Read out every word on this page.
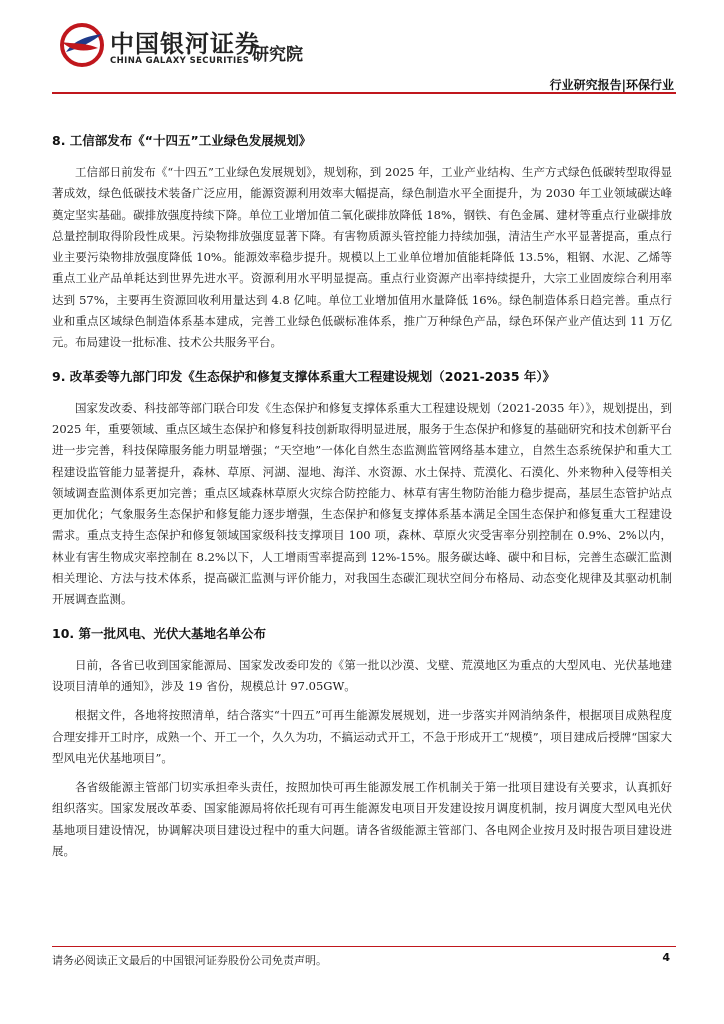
中国银河证券
CHINA GALAXY SECURITIES 研究院
行业研究报告|环保行业
8. 工信部发布《“十四五”工业绿色发展规划》

工信部日前发布《“十四五”工业绿色发展规划》，规划称，到 2025 年，工业产业结构、生产方式绿色低碳转型取得显著成效，绿色低碳技术装备广泛应用，能源资源利用效率大幅提高，绿色制造水平全面提升，为 2030 年工业领域碳达峰奠定坚实基础。碳排放强度持续下降。单位工业增加值二氧化碳排放降低 18%，钢铁、有色金属、建材等重点行业碳排放总量控制取得阶段性成果。污染物排放强度显著下降。有害物质源头管控能力持续加强，清洁生产水平显著提高，重点行业主要污染物排放强度降低 10%。能源效率稳步提升。规模以上工业单位增加值能耗降低 13.5%，粗钢、水泥、乙烯等重点工业产品单耗达到世界先进水平。资源利用水平明显提高。重点行业资源产出率持续提升，大宗工业固废综合利用率达到 57%，主要再生资源回收利用量达到 4.8 亿吨。单位工业增加值用水量降低 16%。绿色制造体系日趋完善。重点行业和重点区域绿色制造体系基本建成，完善工业绿色低碳标准体系，推广万种绿色产品，绿色环保产业产值达到 11 万亿元。布局建设一批标准、技术公共服务平台。

9. 改革委等九部门印发《生态保护和修复支撑体系重大工程建设规划（2021-2035 年）》

国家发改委、科技部等部门联合印发《生态保护和修复支撑体系重大工程建设规划（2021-2035 年）》，规划提出，到 2025 年，重要领域、重点区域生态保护和修复科技创新取得明显进展，服务于生态保护和修复的基础研究和技术创新平台进一步完善，科技保障服务能力明显增强；“天空地”一体化自然生态监测监管网络基本建立，自然生态系统保护和重大工程建设监管能力显著提升，森林、草原、河湖、湿地、海洋、水资源、水土保持、荒漠化、石漠化、外来物种入侵等相关领域调查监测体系更加完善；重点区域森林草原火灾综合防控能力、林草有害生物防治能力稳步提高，基层生态管护站点更加优化；气象服务生态保护和修复能力逐步增强，生态保护和修复支撑体系基本满足全国生态保护和修复重大工程建设需求。重点支持生态保护和修复领域国家级科技支撑项目 100 项，森林、草原火灾受害率分别控制在 0.9%、2%以内，林业有害生物成灾率控制在 8.2%以下，人工增雨雪率提高到 12%-15%。服务碳达峰、碳中和目标，完善生态碳汇监测相关理论、方法与技术体系，提高碳汇监测与评价能力，对我国生态碳汇现状空间分布格局、动态变化规律及其驱动机制开展调查监测。

10. 第一批风电、光伏大基地名单公布

日前，各省已收到国家能源局、国家发改委印发的《第一批以沙漠、戈壁、荒漠地区为重点的大型风电、光伏基地建设项目清单的通知》，涉及 19 省份，规模总计 97.05GW。

根据文件，各地将按照清单，结合落实“十四五”可再生能源发展规划，进一步落实并网消纳条件，根据项目成熟程度合理安排开工时序，成熟一个、开工一个，久久为功，不搞运动式开工，不急于形成开工“规模”，项目建成后授牌“国家大型风电光伏基地项目”。

各省级能源主管部门切实承担牵头责任，按照加快可再生能源发展工作机制关于第一批项目建设有关要求，认真抓好组织落实。国家发展改革委、国家能源局将依托现有可再生能源发电项目开发建设按月调度机制，按月调度大型风电光伏基地项目建设情况，协调解决项目建设过程中的重大问题。请各省级能源主管部门、各电网企业按月及时报告项目建设进展。

请务必阅读正文最后的中国银河证券股份公司免责声明。	4
